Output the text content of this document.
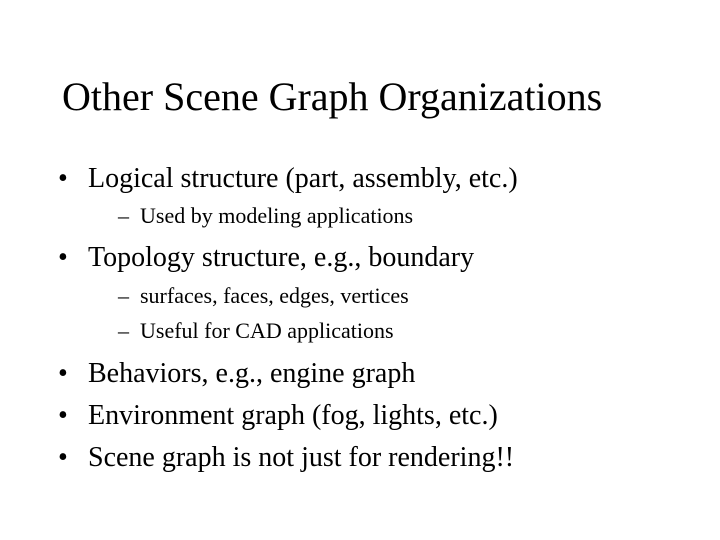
Other Scene Graph Organizations
• Logical structure (part, assembly, etc.)
– Used by modeling applications
• Topology structure, e.g., boundary
– surfaces, faces, edges, vertices
– Useful for CAD applications
• Behaviors, e.g., engine graph
• Environment graph (fog, lights, etc.)
• Scene graph is not just for rendering!!
